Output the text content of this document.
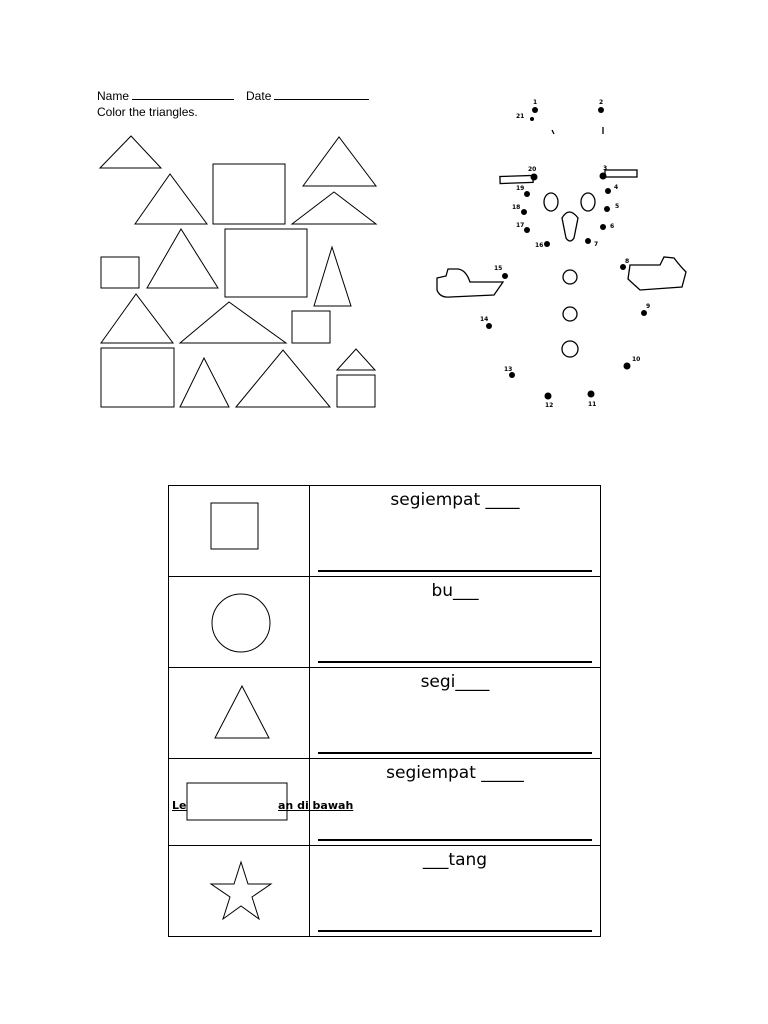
Name	Date
Color the triangles.
1	2
3
4
5
6
7
8
9
10
11
12
13
14
15
16
17
18
19
20
21

segiempat ____

bu___

segi____

Le	an di bawah
segiempat _____

___tang
